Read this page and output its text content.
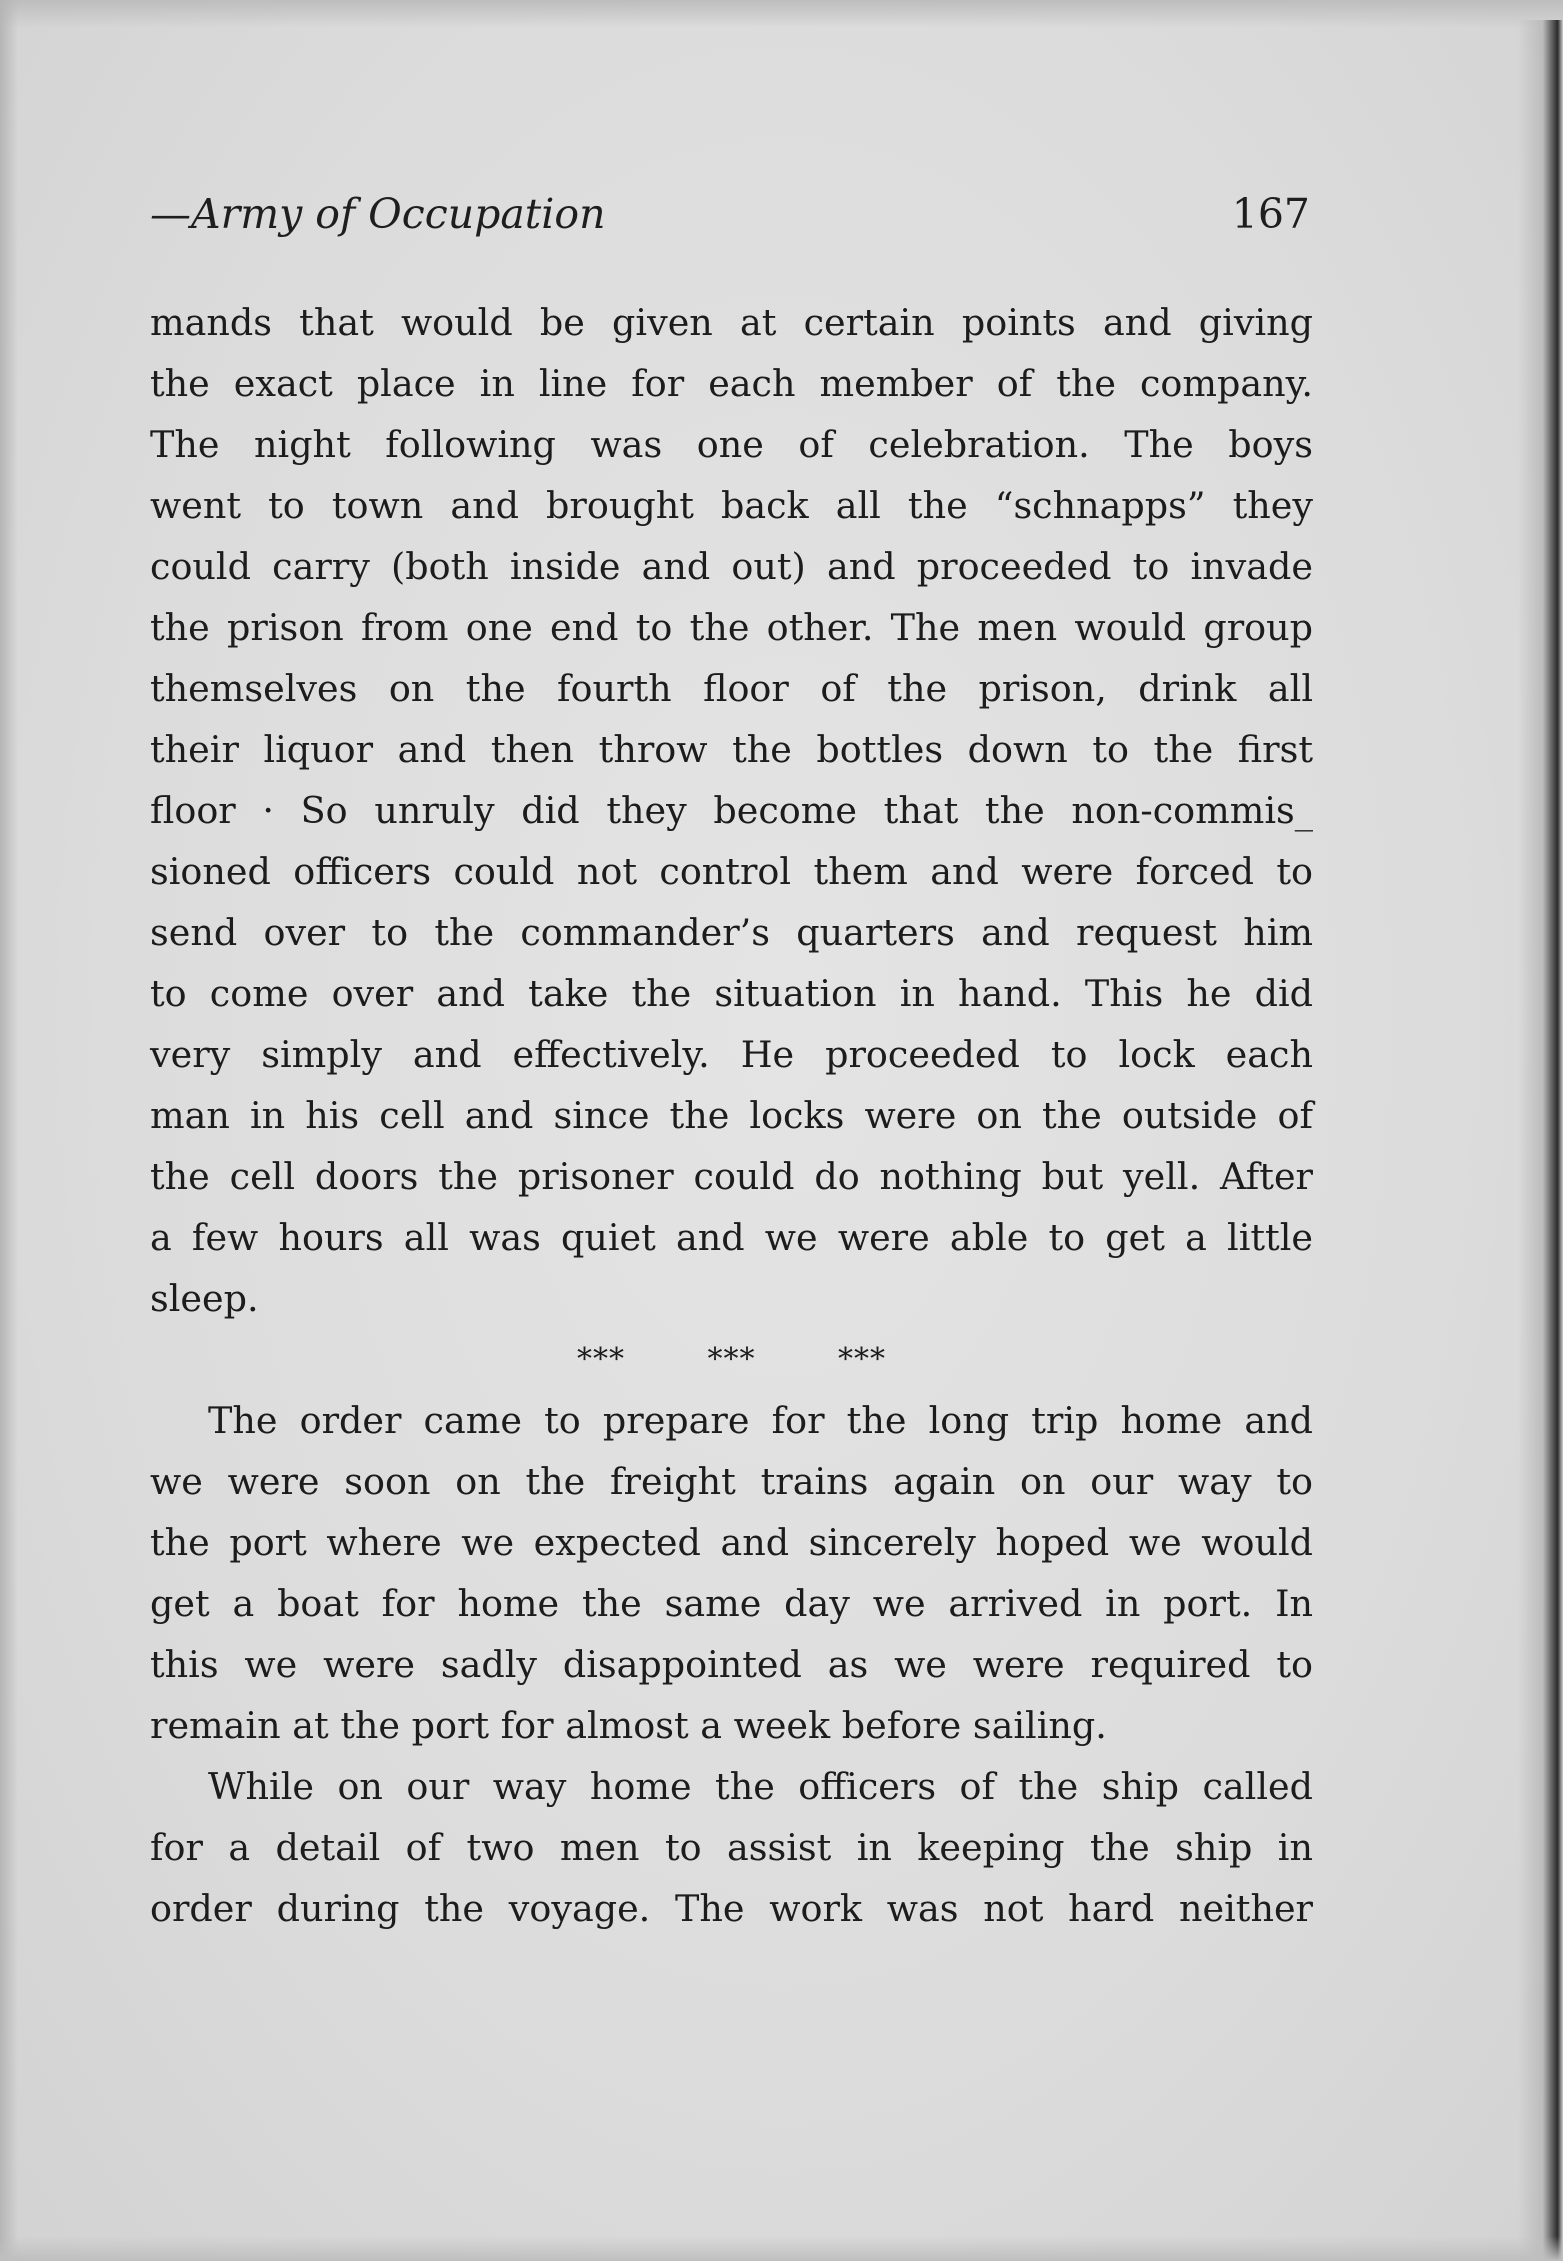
—Army of Occupation	167
mands that would be given at certain points and giving
the exact place in line for each member of the company.
The night following was one of celebration. The boys
went to town and brought back all the “schnapps” they
could carry (both inside and out) and proceeded to invade
the prison from one end to the other. The men would group
themselves on the fourth floor of the prison, drink all
their liquor and then throw the bottles down to the first
floor · So unruly did they become that the non-commis_
sioned officers could not control them and were forced to
send over to the commander’s quarters and request him
to come over and take the situation in hand. This he did
very simply and effectively. He proceeded to lock each
man in his cell and since the locks were on the outside of
the cell doors the prisoner could do nothing but yell. After
a few hours all was quiet and we were able to get a little
sleep.
***	***	***
The order came to prepare for the long trip home and
we were soon on the freight trains again on our way to
the port where we expected and sincerely hoped we would
get a boat for home the same day we arrived in port. In
this we were sadly disappointed as we were required to
remain at the port for almost a week before sailing.
While on our way home the officers of the ship called
for a detail of two men to assist in keeping the ship in
order during the voyage. The work was not hard neither
